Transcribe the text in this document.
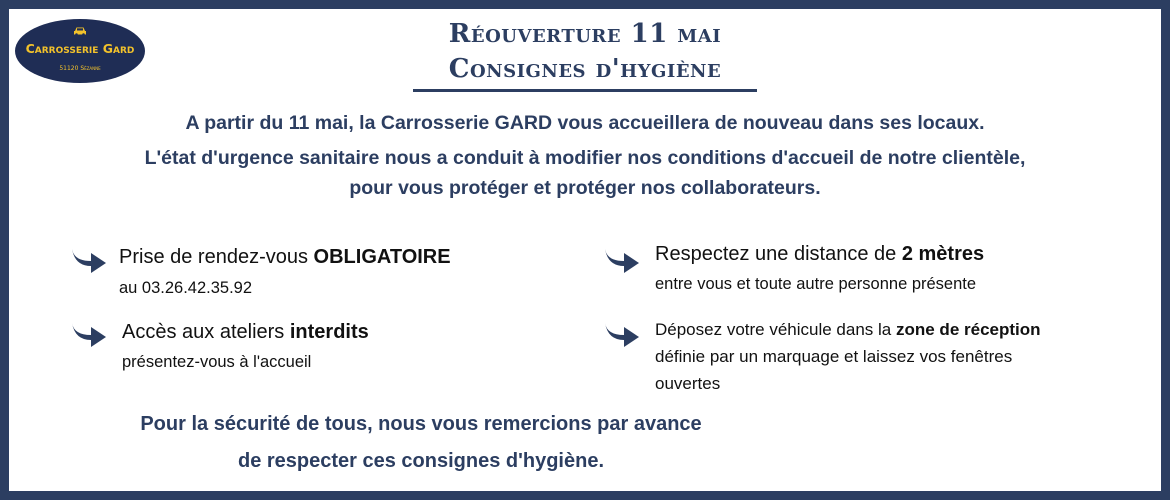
Carrosserie Gard
51120 Sézanne
Réouverture 11 mai
Consignes d'hygiène
A partir du 11 mai, la Carrosserie GARD vous accueillera de nouveau dans ses locaux.
L'état d'urgence sanitaire nous a conduit à modifier nos conditions d'accueil de notre clientèle,
pour vous protéger et protéger nos collaborateurs.
Prise de rendez-vous OBLIGATOIRE
au 03.26.42.35.92
Respectez une distance de 2 mètres
entre vous et toute autre personne présente
Accès aux ateliers interdits
présentez-vous à l'accueil
Déposez votre véhicule dans la zone de réception
définie par un marquage et laissez vos fenêtres
ouvertes
Pour la sécurité de tous, nous vous remercions par avance
de respecter ces consignes d'hygiène.
